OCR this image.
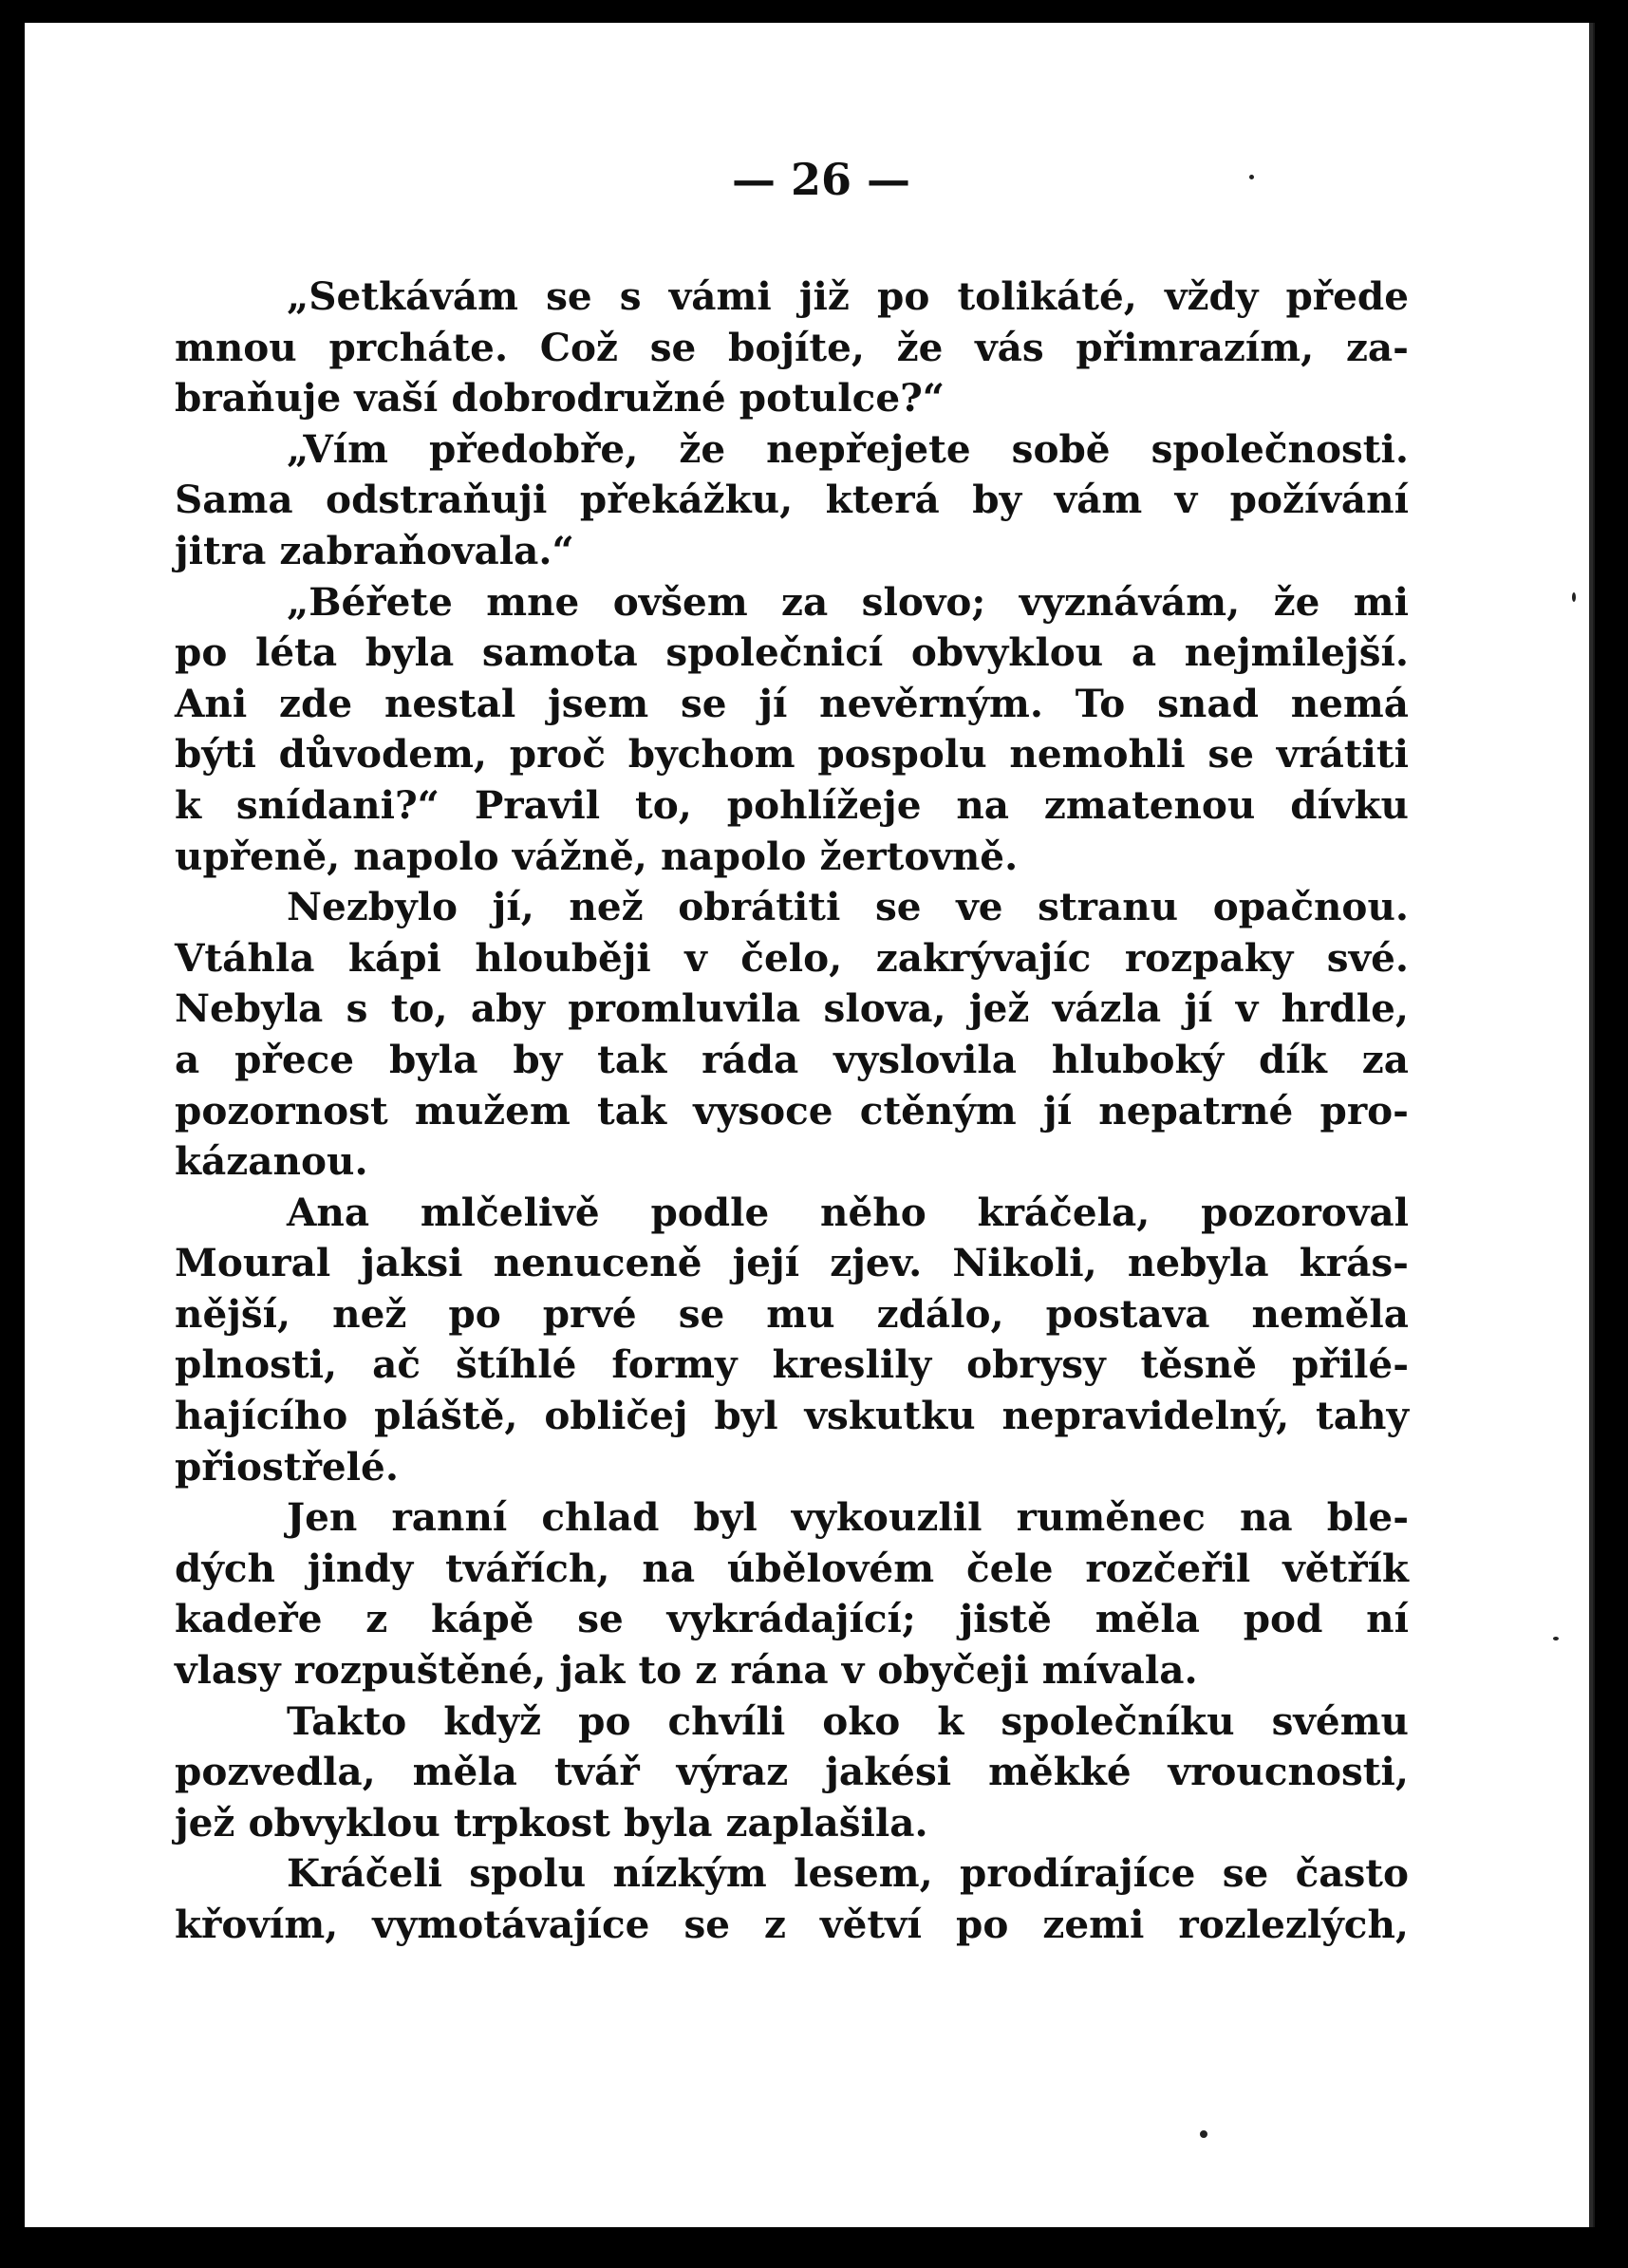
— 26 —
„Setkávám se s vámi již po tolikáté, vždy přede
mnou prcháte. Což se bojíte, že vás přimrazím, za-
braňuje vaší dobrodružné potulce?“
„Vím předobře, že nepřejete sobě společnosti.
Sama odstraňuji překážku, která by vám v požívání
jitra zabraňovala.“
„Béřete mne ovšem za slovo; vyznávám, že mi
po léta byla samota společnicí obvyklou a nejmilejší.
Ani zde nestal jsem se jí nevěrným. To snad nemá
býti důvodem, proč bychom pospolu nemohli se vrátiti
k snídani?“ Pravil to, pohlížeje na zmatenou dívku
upřeně, napolo vážně, napolo žertovně.
Nezbylo jí, než obrátiti se ve stranu opačnou.
Vtáhla kápi hlouběji v čelo, zakrývajíc rozpaky své.
Nebyla s to, aby promluvila slova, jež vázla jí v hrdle,
a přece byla by tak ráda vyslovila hluboký dík za
pozornost mužem tak vysoce ctěným jí nepatrné pro-
kázanou.
Ana mlčelivě podle něho kráčela, pozoroval
Moural jaksi nenuceně její zjev. Nikoli, nebyla krás-
nější, než po prvé se mu zdálo, postava neměla
plnosti, ač štíhlé formy kreslily obrysy těsně přilé-
hajícího pláště, obličej byl vskutku nepravidelný, tahy
přiostřelé.
Jen ranní chlad byl vykouzlil ruměnec na ble-
dých jindy tvářích, na úbělovém čele rozčeřil větřík
kadeře z kápě se vykrádající; jistě měla pod ní
vlasy rozpuštěné, jak to z rána v obyčeji mívala.
Takto když po chvíli oko k společníku svému
pozvedla, měla tvář výraz jakési měkké vroucnosti,
jež obvyklou trpkost byla zaplašila.
Kráčeli spolu nízkým lesem, prodírajíce se často
křovím, vymotávajíce se z větví po zemi rozlezlých,
